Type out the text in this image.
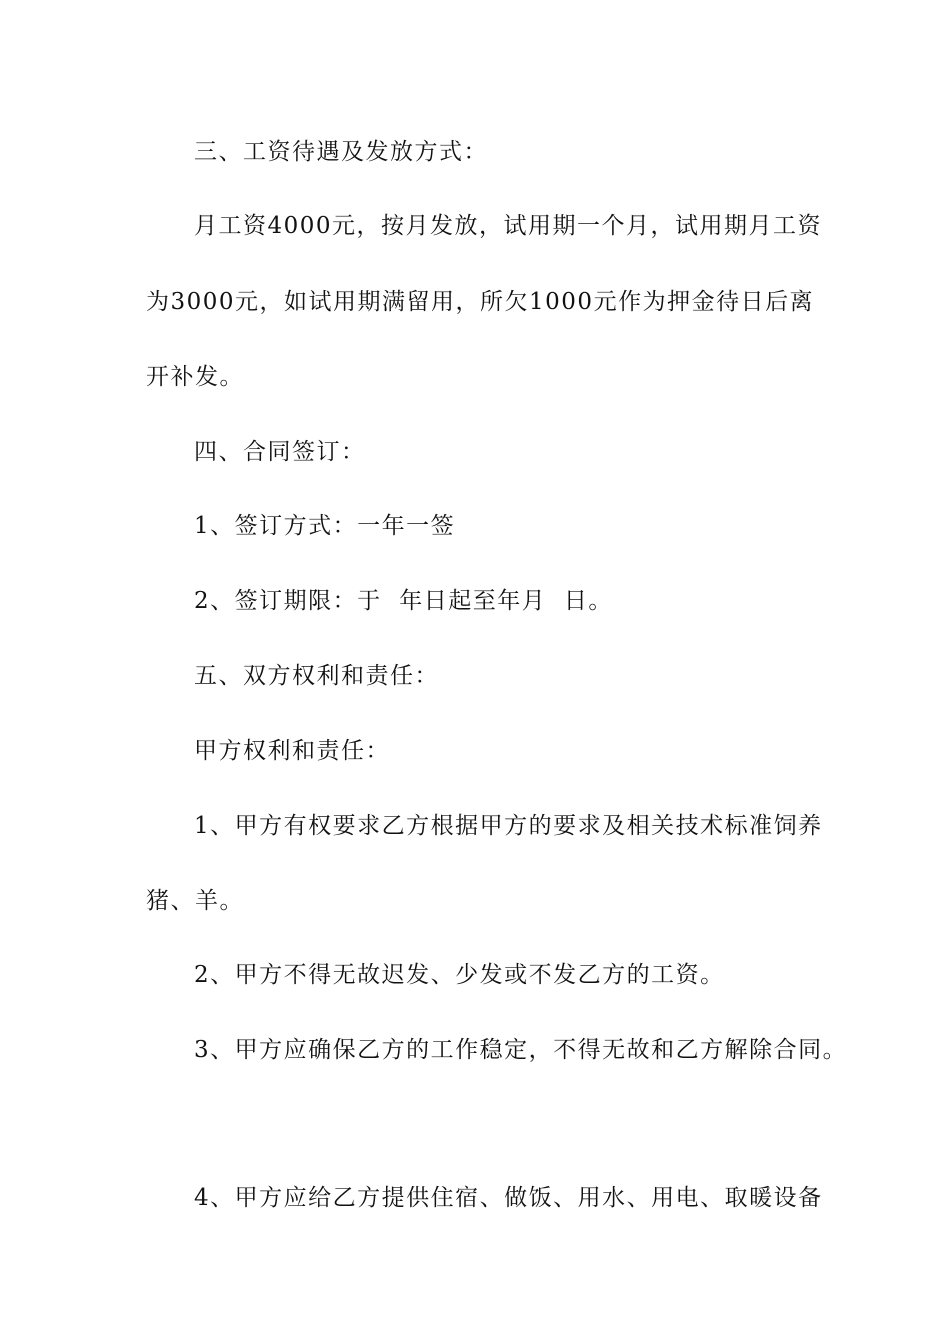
三、工资待遇及发放方式：
月工资4000元，按月发放，试用期一个月，试用期月工资
为3000元，如试用期满留用，所欠1000元作为押金待日后离
开补发。
四、合同签订：
1、签订方式：一年一签
2、签订期限：于  年日起至年月  日。
五、双方权利和责任：
甲方权利和责任：
1、甲方有权要求乙方根据甲方的要求及相关技术标准饲养
猪、羊。
2、甲方不得无故迟发、少发或不发乙方的工资。
3、甲方应确保乙方的工作稳定，不得无故和乙方解除合同。
4、甲方应给乙方提供住宿、做饭、用水、用电、取暖设备
